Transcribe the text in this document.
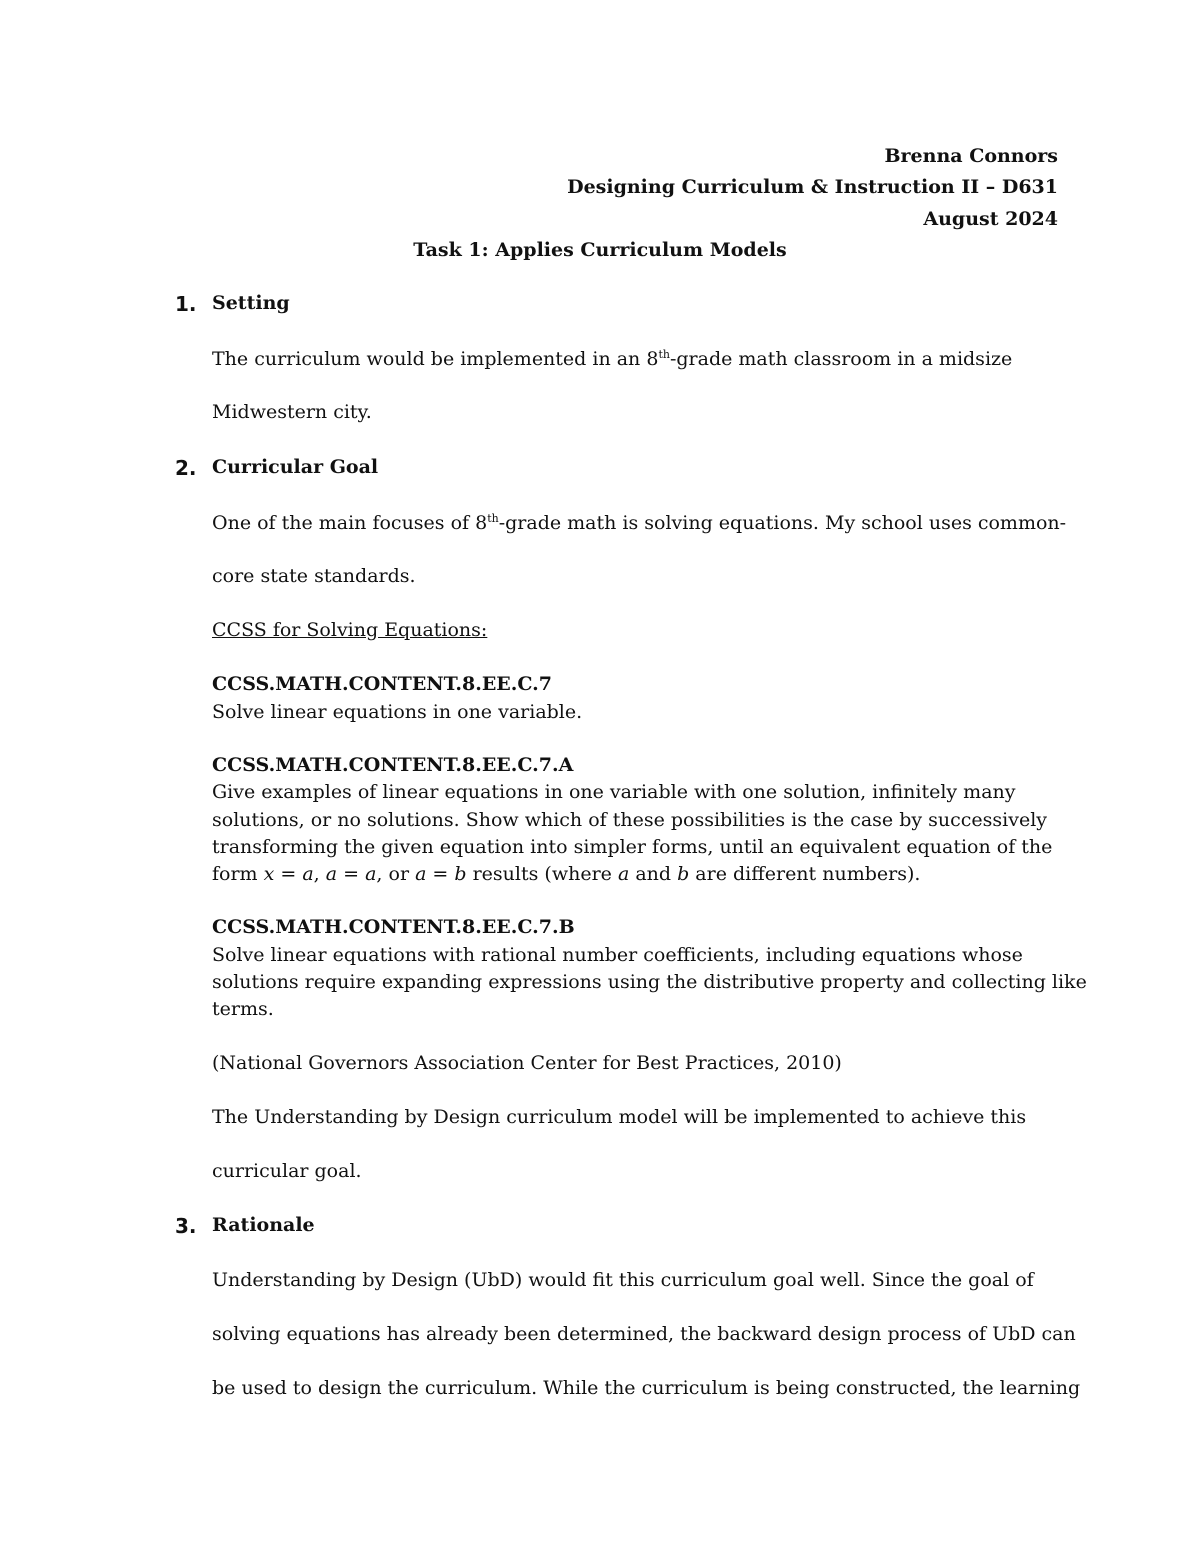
Brenna Connors
Designing Curriculum & Instruction II – D631
August 2024
Task 1: Applies Curriculum Models
1. Setting
The curriculum would be implemented in an 8th-grade math classroom in a midsize
Midwestern city.
2. Curricular Goal
One of the main focuses of 8th-grade math is solving equations. My school uses common-
core state standards.
CCSS for Solving Equations:
CCSS.MATH.CONTENT.8.EE.C.7
Solve linear equations in one variable.
CCSS.MATH.CONTENT.8.EE.C.7.A
Give examples of linear equations in one variable with one solution, infinitely many
solutions, or no solutions. Show which of these possibilities is the case by successively
transforming the given equation into simpler forms, until an equivalent equation of the
form x = a, a = a, or a = b results (where a and b are different numbers).
CCSS.MATH.CONTENT.8.EE.C.7.B
Solve linear equations with rational number coefficients, including equations whose
solutions require expanding expressions using the distributive property and collecting like
terms.
(National Governors Association Center for Best Practices, 2010)
The Understanding by Design curriculum model will be implemented to achieve this
curricular goal.
3. Rationale
Understanding by Design (UbD) would fit this curriculum goal well. Since the goal of
solving equations has already been determined, the backward design process of UbD can
be used to design the curriculum. While the curriculum is being constructed, the learning
